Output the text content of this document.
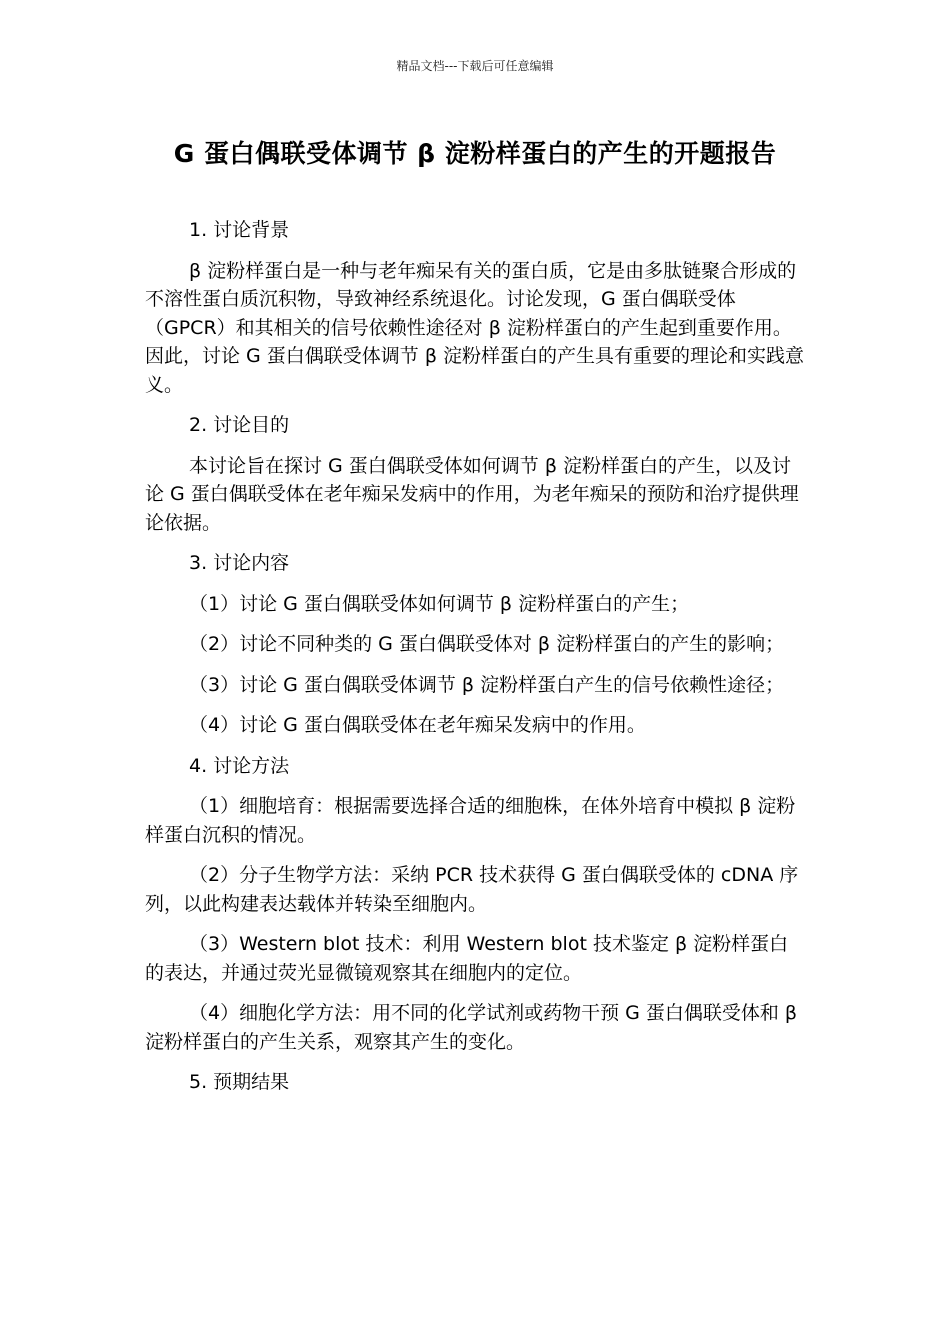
精品文档---下载后可任意编辑
G 蛋白偶联受体调节 β 淀粉样蛋白的产生的开题报告

1. 讨论背景

β 淀粉样蛋白是一种与老年痴呆有关的蛋白质，它是由多肽链聚合形成的不溶性蛋白质沉积物，导致神经系统退化。讨论发现，G 蛋白偶联受体（GPCR）和其相关的信号依赖性途径对 β 淀粉样蛋白的产生起到重要作用。因此，讨论 G 蛋白偶联受体调节 β 淀粉样蛋白的产生具有重要的理论和实践意义。

2. 讨论目的

本讨论旨在探讨 G 蛋白偶联受体如何调节 β 淀粉样蛋白的产生，以及讨论 G 蛋白偶联受体在老年痴呆发病中的作用，为老年痴呆的预防和治疗提供理论依据。

3. 讨论内容

（1）讨论 G 蛋白偶联受体如何调节 β 淀粉样蛋白的产生；

（2）讨论不同种类的 G 蛋白偶联受体对 β 淀粉样蛋白的产生的影响；

（3）讨论 G 蛋白偶联受体调节 β 淀粉样蛋白产生的信号依赖性途径；

（4）讨论 G 蛋白偶联受体在老年痴呆发病中的作用。

4. 讨论方法

（1）细胞培育：根据需要选择合适的细胞株，在体外培育中模拟 β 淀粉样蛋白沉积的情况。

（2）分子生物学方法：采纳 PCR 技术获得 G 蛋白偶联受体的 cDNA 序列，以此构建表达载体并转染至细胞内。

（3）Western blot 技术：利用 Western blot 技术鉴定 β 淀粉样蛋白的表达，并通过荧光显微镜观察其在细胞内的定位。

（4）细胞化学方法：用不同的化学试剂或药物干预 G 蛋白偶联受体和 β 淀粉样蛋白的产生关系，观察其产生的变化。

5. 预期结果
